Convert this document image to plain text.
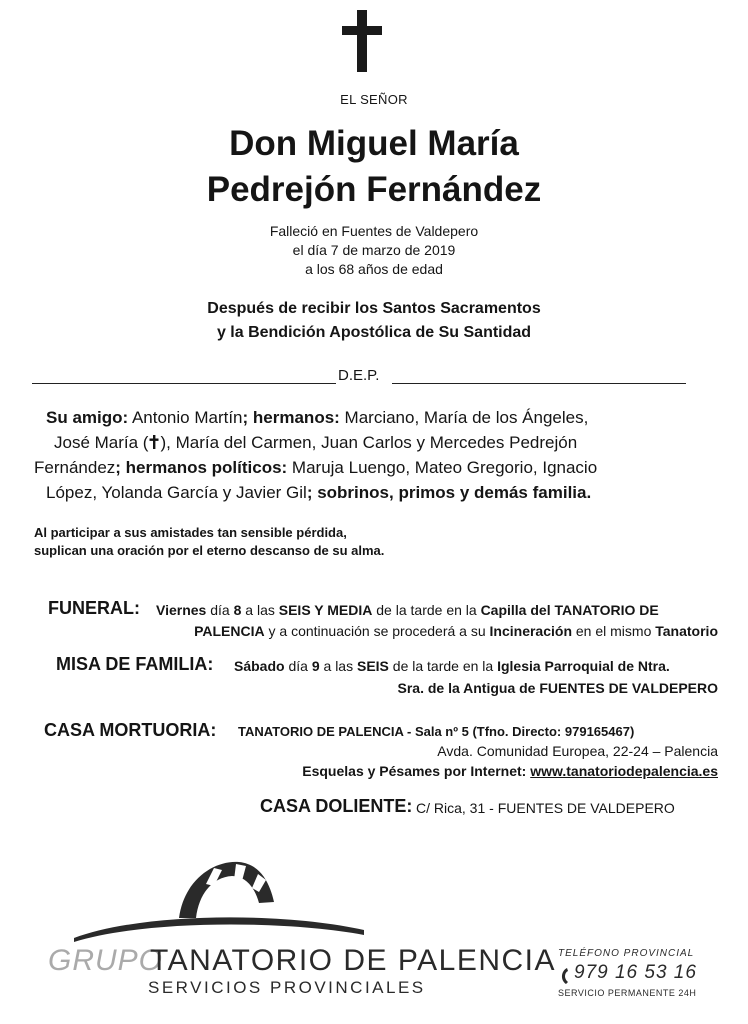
EL SEÑOR
Don Miguel María
Pedrejón Fernández
Falleció en Fuentes de Valdepero
el día 7 de marzo de 2019
a los 68 años de edad
Después de recibir los Santos Sacramentos
y la Bendición Apostólica de Su Santidad
D.E.P.
Su amigo: Antonio Martín; hermanos: Marciano, María de los Ángeles,
José María ( ), María del Carmen, Juan Carlos y Mercedes Pedrejón
Fernández; hermanos políticos: Maruja Luengo, Mateo Gregorio, Ignacio
López, Yolanda García y Javier Gil; sobrinos, primos y demás familia.
Al participar a sus amistades tan sensible pérdida,
suplican una oración por el eterno descanso de su alma.
FUNERAL: Viernes día 8 a las SEIS Y MEDIA de la tarde en la Capilla del TANATORIO DE
PALENCIA y a continuación se procederá a su Incineración en el mismo Tanatorio
MISA DE FAMILIA: Sábado día 9 a las SEIS de la tarde en la Iglesia Parroquial de Ntra.
Sra. de la Antigua de FUENTES DE VALDEPERO
CASA MORTUORIA: TANATORIO DE PALENCIA - Sala nº 5 (Tfno. Directo: 979165467)
Avda. Comunidad Europea, 22-24 – Palencia
Esquelas y Pésames por Internet: www.tanatoriodepalencia.es
CASA DOLIENTE: C/ Rica, 31 - FUENTES DE VALDEPERO
GRUPO
TANATORIO DE PALENCIA
SERVICIOS PROVINCIALES
TELÉFONO PROVINCIAL
979 16 53 16
SERVICIO PERMANENTE 24H
